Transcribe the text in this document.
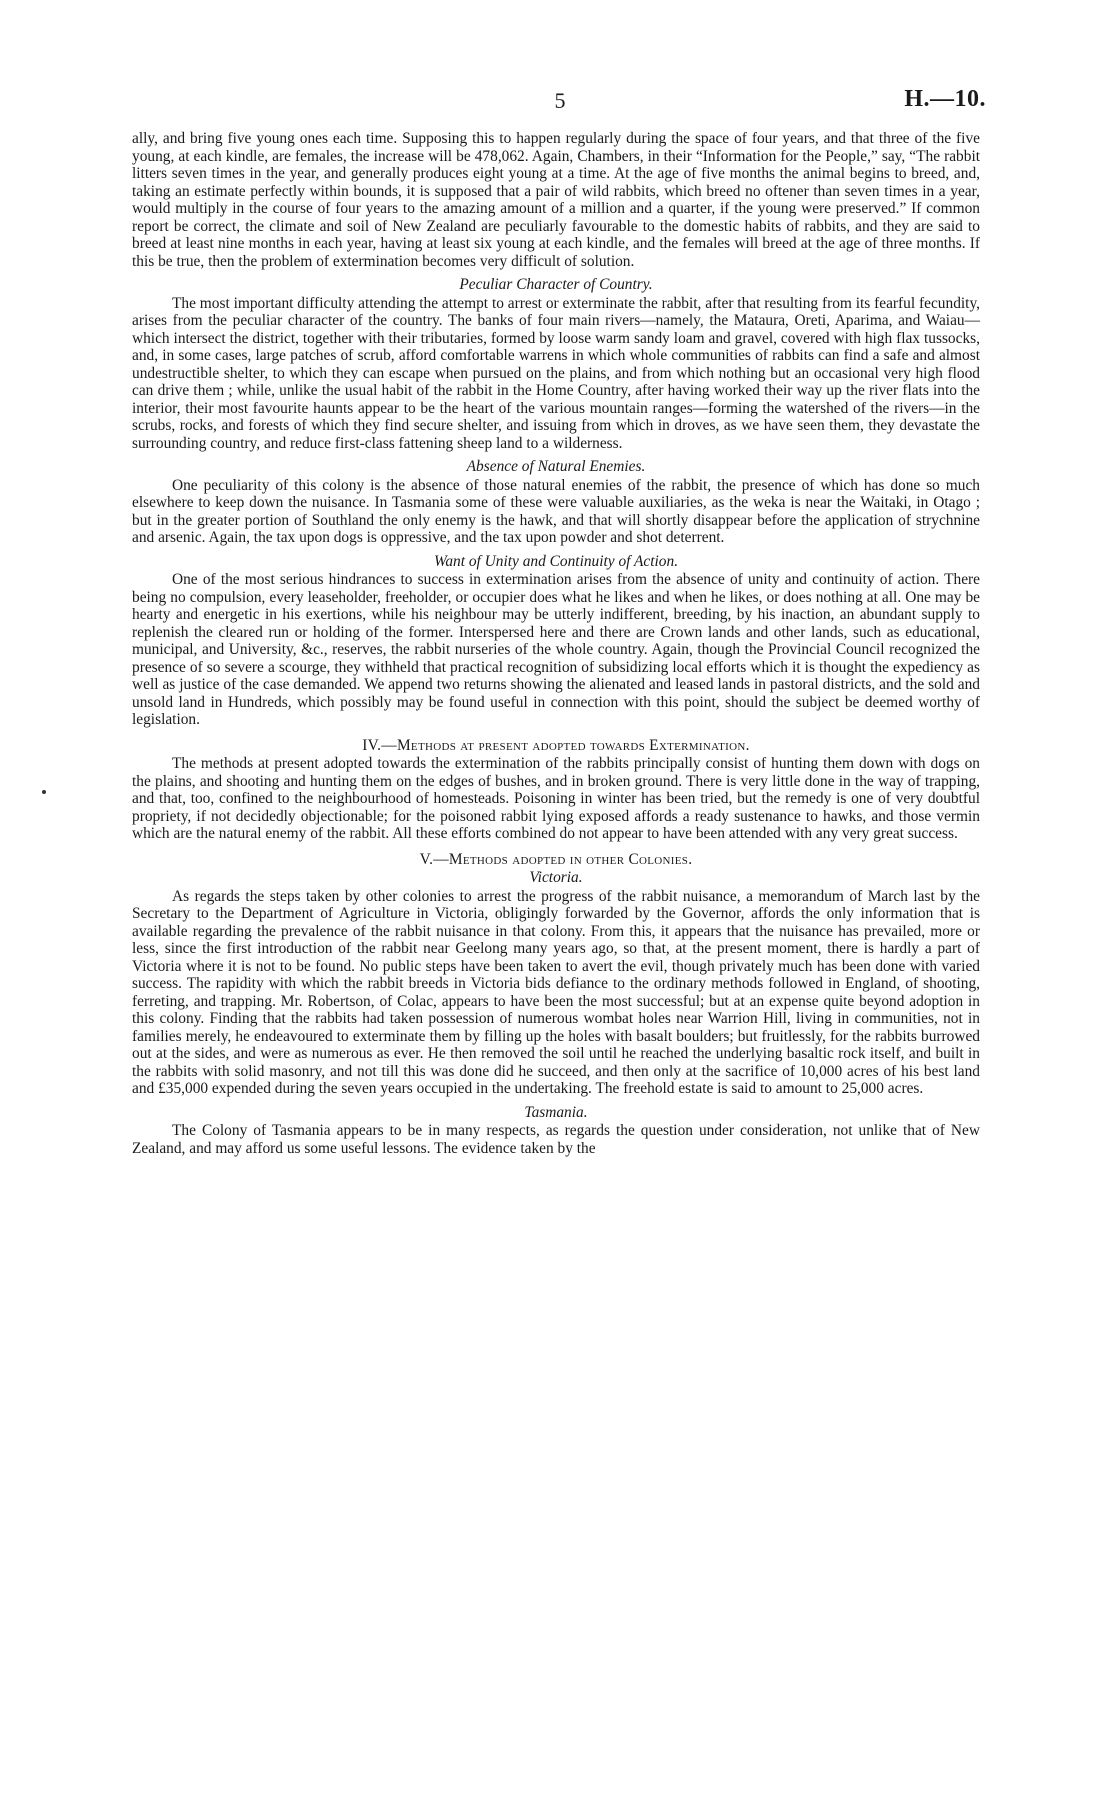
5	H.—10.

ally, and bring five young ones each time. Supposing this to happen regularly during the space of four years, and that three of the five young, at each kindle, are females, the increase will be 478,062. Again, Chambers, in their “Information for the People,” say, “The rabbit litters seven times in the year, and generally produces eight young at a time. At the age of five months the animal begins to breed, and, taking an estimate perfectly within bounds, it is supposed that a pair of wild rabbits, which breed no oftener than seven times in a year, would multiply in the course of four years to the amazing amount of a million and a quarter, if the young were preserved.” If common report be correct, the climate and soil of New Zealand are peculiarly favourable to the domestic habits of rabbits, and they are said to breed at least nine months in each year, having at least six young at each kindle, and the females will breed at the age of three months. If this be true, then the problem of extermination becomes very difficult of solution.

Peculiar Character of Country.

The most important difficulty attending the attempt to arrest or exterminate the rabbit, after that resulting from its fearful fecundity, arises from the peculiar character of the country. The banks of four main rivers—namely, the Mataura, Oreti, Aparima, and Waiau—which intersect the district, together with their tributaries, formed by loose warm sandy loam and gravel, covered with high flax tussocks, and, in some cases, large patches of scrub, afford comfortable warrens in which whole communities of rabbits can find a safe and almost undestructible shelter, to which they can escape when pursued on the plains, and from which nothing but an occasional very high flood can drive them ; while, unlike the usual habit of the rabbit in the Home Country, after having worked their way up the river flats into the interior, their most favourite haunts appear to be the heart of the various mountain ranges—forming the watershed of the rivers—in the scrubs, rocks, and forests of which they find secure shelter, and issuing from which in droves, as we have seen them, they devastate the surrounding country, and reduce first-class fattening sheep land to a wilderness.

Absence of Natural Enemies.

One peculiarity of this colony is the absence of those natural enemies of the rabbit, the presence of which has done so much elsewhere to keep down the nuisance. In Tasmania some of these were valuable auxiliaries, as the weka is near the Waitaki, in Otago ; but in the greater portion of Southland the only enemy is the hawk, and that will shortly disappear before the application of strychnine and arsenic. Again, the tax upon dogs is oppressive, and the tax upon powder and shot deterrent.

Want of Unity and Continuity of Action.

One of the most serious hindrances to success in extermination arises from the absence of unity and continuity of action. There being no compulsion, every leaseholder, freeholder, or occupier does what he likes and when he likes, or does nothing at all. One may be hearty and energetic in his exertions, while his neighbour may be utterly indifferent, breeding, by his inaction, an abundant supply to replenish the cleared run or holding of the former. Interspersed here and there are Crown lands and other lands, such as educational, municipal, and University, &c., reserves, the rabbit nurseries of the whole country. Again, though the Provincial Council recognized the presence of so severe a scourge, they withheld that practical recognition of subsidizing local efforts which it is thought the expediency as well as justice of the case demanded. We append two returns showing the alienated and leased lands in pastoral districts, and the sold and unsold land in Hundreds, which possibly may be found useful in connection with this point, should the subject be deemed worthy of legislation.

IV.—Methods at present adopted towards Extermination.

The methods at present adopted towards the extermination of the rabbits principally consist of hunting them down with dogs on the plains, and shooting and hunting them on the edges of bushes, and in broken ground. There is very little done in the way of trapping, and that, too, confined to the neighbourhood of homesteads. Poisoning in winter has been tried, but the remedy is one of very doubtful propriety, if not decidedly objectionable; for the poisoned rabbit lying exposed affords a ready sustenance to hawks, and those vermin which are the natural enemy of the rabbit. All these efforts combined do not appear to have been attended with any very great success.

V.—Methods adopted in other Colonies.
Victoria.

As regards the steps taken by other colonies to arrest the progress of the rabbit nuisance, a memorandum of March last by the Secretary to the Department of Agriculture in Victoria, obligingly forwarded by the Governor, affords the only information that is available regarding the prevalence of the rabbit nuisance in that colony. From this, it appears that the nuisance has prevailed, more or less, since the first introduction of the rabbit near Geelong many years ago, so that, at the present moment, there is hardly a part of Victoria where it is not to be found. No public steps have been taken to avert the evil, though privately much has been done with varied success. The rapidity with which the rabbit breeds in Victoria bids defiance to the ordinary methods followed in England, of shooting, ferreting, and trapping. Mr. Robertson, of Colac, appears to have been the most successful; but at an expense quite beyond adoption in this colony. Finding that the rabbits had taken possession of numerous wombat holes near Warrion Hill, living in communities, not in families merely, he endeavoured to exterminate them by filling up the holes with basalt boulders; but fruitlessly, for the rabbits burrowed out at the sides, and were as numerous as ever. He then removed the soil until he reached the underlying basaltic rock itself, and built in the rabbits with solid masonry, and not till this was done did he succeed, and then only at the sacrifice of 10,000 acres of his best land and £35,000 expended during the seven years occupied in the undertaking. The freehold estate is said to amount to 25,000 acres.

Tasmania.

The Colony of Tasmania appears to be in many respects, as regards the question under consideration, not unlike that of New Zealand, and may afford us some useful lessons. The evidence taken by the
